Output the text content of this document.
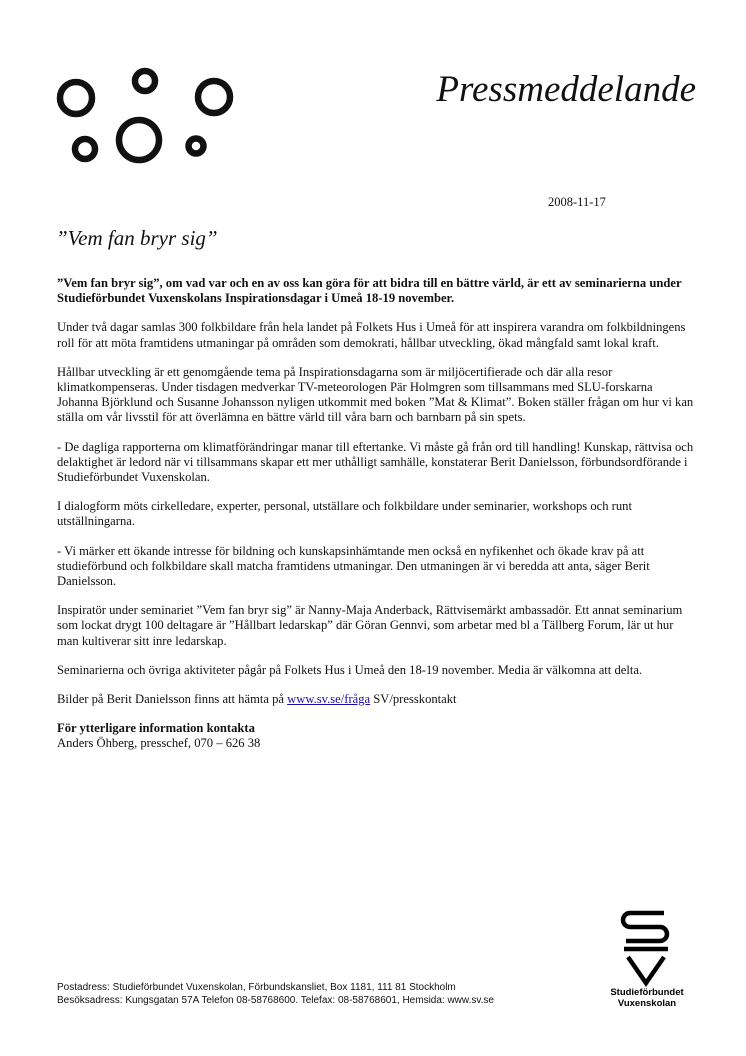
Pressmeddelande
2008-11-17
”Vem fan bryr sig”

”Vem fan bryr sig”, om vad var och en av oss kan göra för att bidra till en bättre värld, är ett av seminarierna under Studieförbundet Vuxenskolans Inspirationsdagar i Umeå 18-19 november.

Under två dagar samlas 300 folkbildare från hela landet på Folkets Hus i Umeå för att inspirera varandra om folkbildningens roll för att möta framtidens utmaningar på områden som demokrati, hållbar utveckling, ökad mångfald samt lokal kraft.

Hållbar utveckling är ett genomgående tema på Inspirationsdagarna som är miljöcertifierade och där alla resor klimatkompenseras. Under tisdagen medverkar TV-meteorologen Pär Holmgren som tillsammans med SLU-forskarna Johanna Björklund och Susanne Johansson nyligen utkommit med boken ”Mat & Klimat”. Boken ställer frågan om hur vi kan ställa om vår livsstil för att överlämna en bättre värld till våra barn och barnbarn på sin spets.

- De dagliga rapporterna om klimatförändringar manar till eftertanke. Vi måste gå från ord till handling! Kunskap, rättvisa och delaktighet är ledord när vi tillsammans skapar ett mer uthålligt samhälle, konstaterar Berit Danielsson, förbundsordförande i Studieförbundet Vuxenskolan.

I dialogform möts cirkelledare, experter, personal, utställare och folkbildare under seminarier, workshops och runt utställningarna.

- Vi märker ett ökande intresse för bildning och kunskapsinhämtande men också en nyfikenhet och ökade krav på att studieförbund och folkbildare skall matcha framtidens utmaningar. Den utmaningen är vi beredda att anta, säger Berit Danielsson.

Inspiratör under seminariet ”Vem fan bryr sig” är Nanny-Maja Anderback, Rättvisemärkt ambassadör. Ett annat seminarium som lockat drygt 100 deltagare är ”Hållbart ledarskap” där Göran Gennvi, som arbetar med bl a Tällberg Forum, lär ut hur man kultiverar sitt inre ledarskap.

Seminarierna och övriga aktiviteter pågår på Folkets Hus i Umeå den 18-19 november. Media är välkomna att delta.

Bilder på Berit Danielsson finns att hämta på www.sv.se/fråga SV/presskontakt

För ytterligare information kontakta
Anders Öhberg, presschef, 070 – 626 38

Postadress: Studieförbundet Vuxenskolan, Förbundskansliet, Box 1181, 111 81 Stockholm
Besöksadress: Kungsgatan 57A Telefon 08-58768600. Telefax: 08-58768601, Hemsida: www.sv.se
Studieförbundet
Vuxenskolan
